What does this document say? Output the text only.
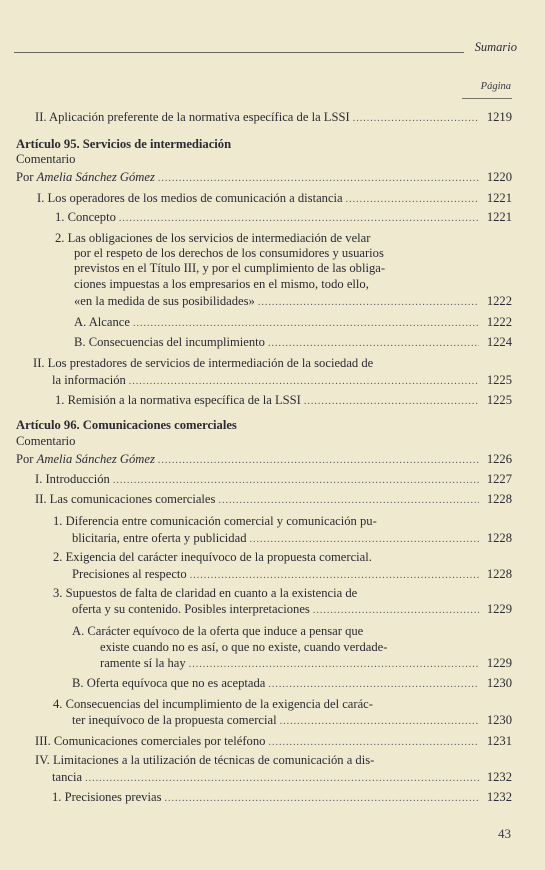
Sumario
Página
II. Aplicación preferente de la normativa específica de la LSSI .....	1219
Artículo 95. Servicios de intermediación
Comentario
Por Amelia Sánchez Gómez .....	1220
I. Los operadores de los medios de comunicación a distancia .....	1221
1. Concepto .....	1221
2. Las obligaciones de los servicios de intermediación de velar
por el respeto de los derechos de los consumidores y usuarios
previstos en el Título III, y por el cumplimiento de las obliga-
ciones impuestas a los empresarios en el mismo, todo ello,
«en la medida de sus posibilidades» .....	1222
A. Alcance .....	1222
B. Consecuencias del incumplimiento .....	1224
II. Los prestadores de servicios de intermediación de la sociedad de
la información .....	1225
1. Remisión a la normativa específica de la LSSI .....	1225
Artículo 96. Comunicaciones comerciales
Comentario
Por Amelia Sánchez Gómez .....	1226
I. Introducción .....	1227
II. Las comunicaciones comerciales .....	1228
1. Diferencia entre comunicación comercial y comunicación pu-
blicitaria, entre oferta y publicidad .....	1228
2. Exigencia del carácter inequívoco de la propuesta comercial.
Precisiones al respecto .....	1228
3. Supuestos de falta de claridad en cuanto a la existencia de
oferta y su contenido. Posibles interpretaciones .....	1229
A. Carácter equívoco de la oferta que induce a pensar que
existe cuando no es así, o que no existe, cuando verdade-
ramente sí la hay .....	1229
B. Oferta equívoca que no es aceptada .....	1230
4. Consecuencias del incumplimiento de la exigencia del carác-
ter inequívoco de la propuesta comercial .....	1230
III. Comunicaciones comerciales por teléfono .....	1231
IV. Limitaciones a la utilización de técnicas de comunicación a dis-
tancia .....	1232
1. Precisiones previas .....	1232
43
